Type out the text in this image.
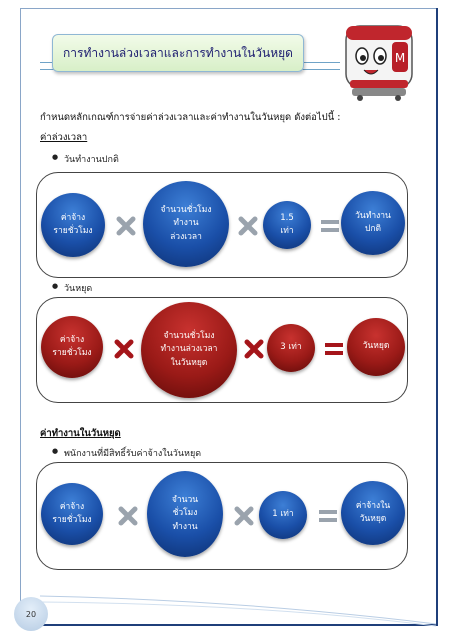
การทำงานล่วงเวลาและการทำงานในวันหยุด	M
กำหนดหลักเกณฑ์การจ่ายค่าล่วงเวลาและค่าทำงานในวันหยุด ดังต่อไปนี้ :
ค่าล่วงเวลา
● วันทำงานปกติ
ค่าจ้าง
รายชั่วโมง
จำนวนชั่วโมง
ทำงาน
ล่วงเวลา
1.5
เท่า
วันทำงาน
ปกติ
● วันหยุด
ค่าจ้าง
รายชั่วโมง
จำนวนชั่วโมง
ทำงานล่วงเวลา
ในวันหยุด
3 เท่า	วันหยุด
ค่าทำงานในวันหยุด
● พนักงานที่มีสิทธิ์รับค่าจ้างในวันหยุด
ค่าจ้าง
รายชั่วโมง
จำนวน
ชั่วโมง
ทำงาน
1 เท่า
ค่าจ้างใน
วันหยุด
20
